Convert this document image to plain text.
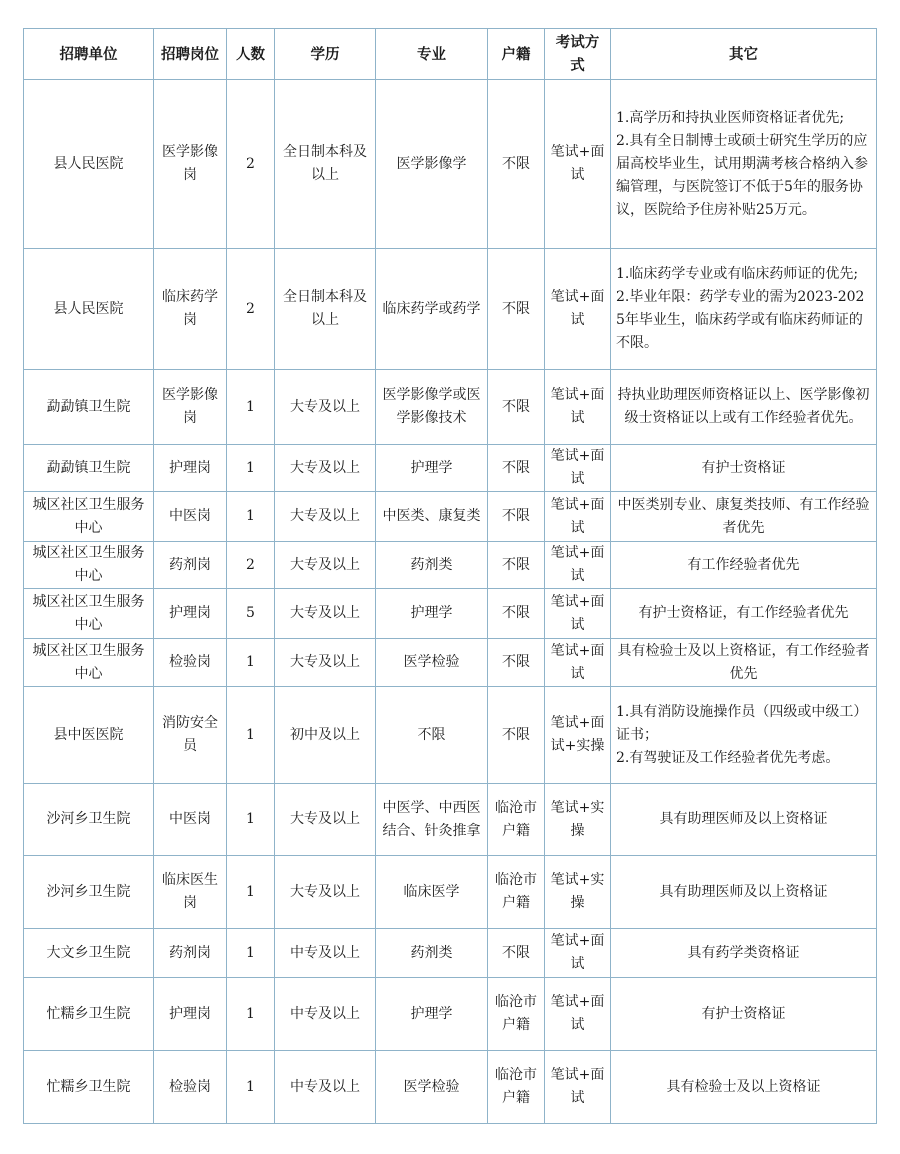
招聘单位	招聘岗位	人数	学历	专业	户籍	考试方式	其它
县人民医院	医学影像岗	2	全日制本科及以上	医学影像学	不限	笔试+面试	1.高学历和持执业医师资格证者优先;
2.具有全日制博士或硕士研究生学历的应届高校毕业生，试用期满考核合格纳入参编管理，与医院签订不低于5年的服务协议，医院给予住房补贴25万元。
县人民医院	临床药学岗	2	全日制本科及以上	临床药学或药学	不限	笔试+面试	1.临床药学专业或有临床药师证的优先;
2.毕业年限：药学专业的需为2023-2025年毕业生，临床药学或有临床药师证的不限。
勐勐镇卫生院	医学影像岗	1	大专及以上	医学影像学或医学影像技术	不限	笔试+面试	持执业助理医师资格证以上、医学影像初级士资格证以上或有工作经验者优先。
勐勐镇卫生院	护理岗	1	大专及以上	护理学	不限	笔试+面试	有护士资格证
城区社区卫生服务中心	中医岗	1	大专及以上	中医类、康复类	不限	笔试+面试	中医类别专业、康复类技师、有工作经验者优先
城区社区卫生服务中心	药剂岗	2	大专及以上	药剂类	不限	笔试+面试	有工作经验者优先
城区社区卫生服务中心	护理岗	5	大专及以上	护理学	不限	笔试+面试	有护士资格证，有工作经验者优先
城区社区卫生服务中心	检验岗	1	大专及以上	医学检验	不限	笔试+面试	具有检验士及以上资格证，有工作经验者优先
县中医医院	消防安全员	1	初中及以上	不限	不限	笔试+面试+实操	1.具有消防设施操作员（四级或中级工）证书；
2.有驾驶证及工作经验者优先考虑。
沙河乡卫生院	中医岗	1	大专及以上	中医学、中西医结合、针灸推拿	临沧市户籍	笔试+实操	具有助理医师及以上资格证
沙河乡卫生院	临床医生岗	1	大专及以上	临床医学	临沧市户籍	笔试+实操	具有助理医师及以上资格证
大文乡卫生院	药剂岗	1	中专及以上	药剂类	不限	笔试+面试	具有药学类资格证
忙糯乡卫生院	护理岗	1	中专及以上	护理学	临沧市户籍	笔试+面试	有护士资格证
忙糯乡卫生院	检验岗	1	中专及以上	医学检验	临沧市户籍	笔试+面试	具有检验士及以上资格证
